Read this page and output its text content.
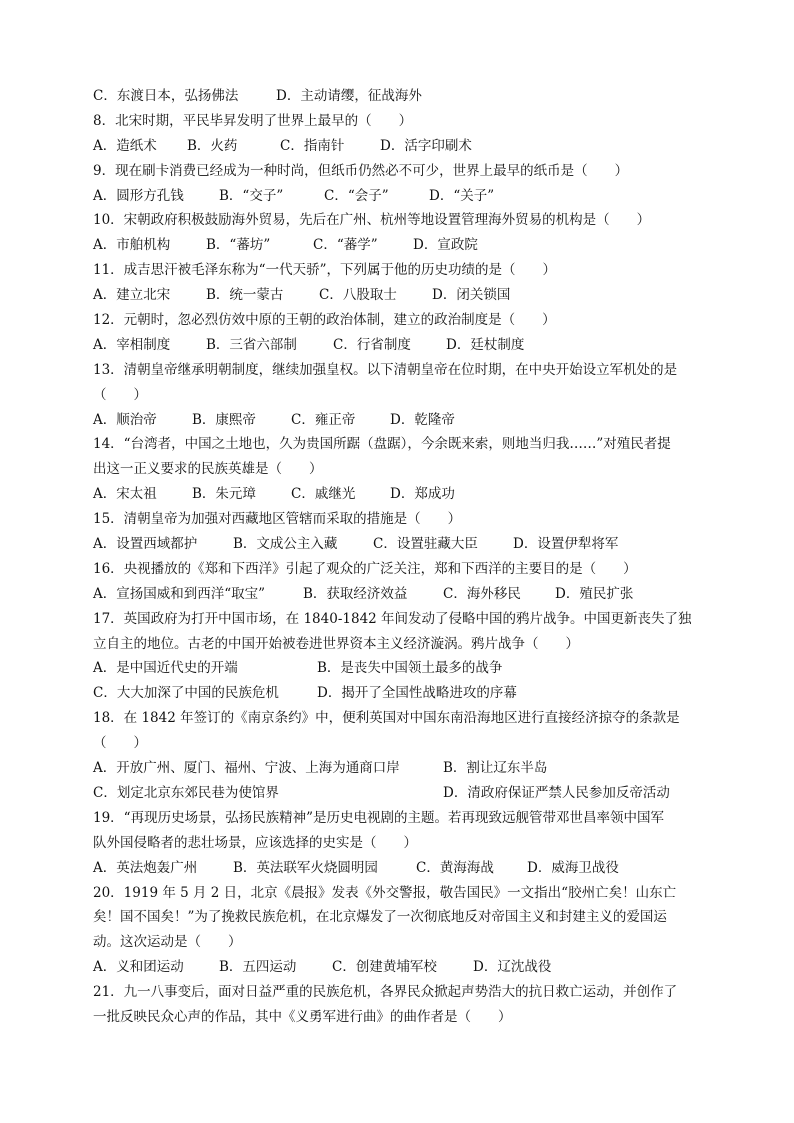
C．东渡日本，弘扬佛法	D．主动请缨，征战海外
8．北宋时期，平民毕昇发明了世界上最早的（　　）
A．造纸术 B．火药	C．指南针	D．活字印刷术
9．现在刷卡消费已经成为一种时尚，但纸币仍然必不可少，世界上最早的纸币是（　　）
A．圆形方孔钱	B．“交子”	C．“会子”	D．“关子”
10．宋朝政府积极鼓励海外贸易，先后在广州、杭州等地设置管理海外贸易的机构是（　　）
A．市舶机构	B．“蕃坊”	C．“蕃学”	D．宣政院
11．成吉思汗被毛泽东称为“一代天骄”，下列属于他的历史功绩的是（　　）
A．建立北宋	B．统一蒙古	C．八股取士	D．闭关锁国
12．元朝时，忽必烈仿效中原的王朝的政治体制，建立的政治制度是（　　）
A．宰相制度	B．三省六部制	C．行省制度	D．廷杖制度
13．清朝皇帝继承明朝制度，继续加强皇权。以下清朝皇帝在位时期，在中央开始设立军机处的是
（　　）
A．顺治帝	B．康熙帝	C．雍正帝	D．乾隆帝
14．“台湾者，中国之土地也，久为贵国所踞（盘踞），今余既来索，则地当归我……”对殖民者提
出这一正义要求的民族英雄是（　　）
A．宋太祖	B．朱元璋	C．戚继光	D．郑成功
15．清朝皇帝为加强对西藏地区管辖而采取的措施是（　　）
A．设置西域都护	B．文成公主入藏	C．设置驻藏大臣	D．设置伊犁将军
16．央视播放的《郑和下西洋》引起了观众的广泛关注，郑和下西洋的主要目的是（　　）
A．宣扬国威和到西洋“取宝”	B．获取经济效益	C．海外移民	D．殖民扩张
17．英国政府为打开中国市场，在 1840-1842 年间发动了侵略中国的鸦片战争。中国更新丧失了独
立自主的地位。古老的中国开始被卷进世界资本主义经济漩涡。鸦片战争（　　）
A．是中国近代史的开端	B．是丧失中国领土最多的战争
C．大大加深了中国的民族危机	D．揭开了全国性战略进攻的序幕
18．在 1842 年签订的《南京条约》中，便利英国对中国东南沿海地区进行直接经济掠夺的条款是
（　　）
A．开放广州、厦门、福州、宁波、上海为通商口岸	B．割让辽东半岛
C．划定北京东郊民巷为使馆界	D．清政府保证严禁人民参加反帝活动
19．“再现历史场景，弘扬民族精神”是历史电视剧的主题。若再现致远舰管带邓世昌率领中国军
队外国侵略者的悲壮场景，应该选择的史实是（　　）
A．英法炮轰广州	B．英法联军火烧圆明园	C．黄海海战 D．威海卫战役
20．1919 年 5 月 2 日，北京《晨报》发表《外交警报，敬告国民》一文指出“胶州亡矣！山东亡
矣！国不国矣！”为了挽救民族危机，在北京爆发了一次彻底地反对帝国主义和封建主义的爱国运
动。这次运动是（　　）
A．义和团运动	B．五四运动	C．创建黄埔军校	D．辽沈战役
21．九一八事变后，面对日益严重的民族危机，各界民众掀起声势浩大的抗日救亡运动，并创作了
一批反映民众心声的作品，其中《义勇军进行曲》的曲作者是（　　）
